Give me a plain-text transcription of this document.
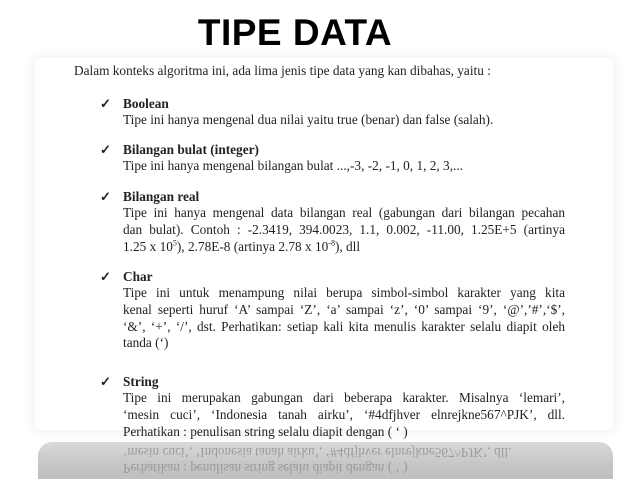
TIPE DATA
Dalam konteks algoritma ini, ada lima jenis tipe data yang kan dibahas, yaitu :
✓ Boolean
Tipe ini hanya mengenal dua nilai yaitu true (benar) dan false (salah).
✓ Bilangan bulat (integer)
Tipe ini hanya mengenal bilangan bulat ...,-3, -2, -1, 0, 1, 2, 3,...
✓ Bilangan real
Tipe ini hanya mengenal data bilangan real (gabungan dari bilangan pecahan
dan bulat). Contoh : -2.3419, 394.0023, 1.1, 0.002, -11.00, 1.25E+5 (artinya
1.25 x $10^5$), 2.78E-8 (artinya 2.78 x $10^{-8}$), dll
✓ Char
Tipe ini untuk menampung nilai berupa simbol-simbol karakter yang kita
kenal seperti huruf ‘A’ sampai ‘Z’, ‘a’ sampai ‘z’, ‘0’ sampai ‘9’, ‘@’,’#’,‘$’,
‘&’, ‘+’, ‘/’, dst. Perhatikan: setiap kali kita menulis karakter selalu diapit oleh
tanda (‘)
✓ String
Tipe ini merupakan gabungan dari beberapa karakter. Misalnya ‘lemari’,
‘mesin cuci’, ‘Indonesia tanah airku’, ‘#4dfjhver elnrejkne567^PJK’, dll.
Perhatikan : penulisan string selalu diapit dengan ( ‘ )
Perhatikan : penulisan string selalu diapit dengan ( ‘ )
‘mesin cuci’, ‘Indonesia tanah airku’, ‘#4dfjhver elnrejkne567^PJK’, dll.
